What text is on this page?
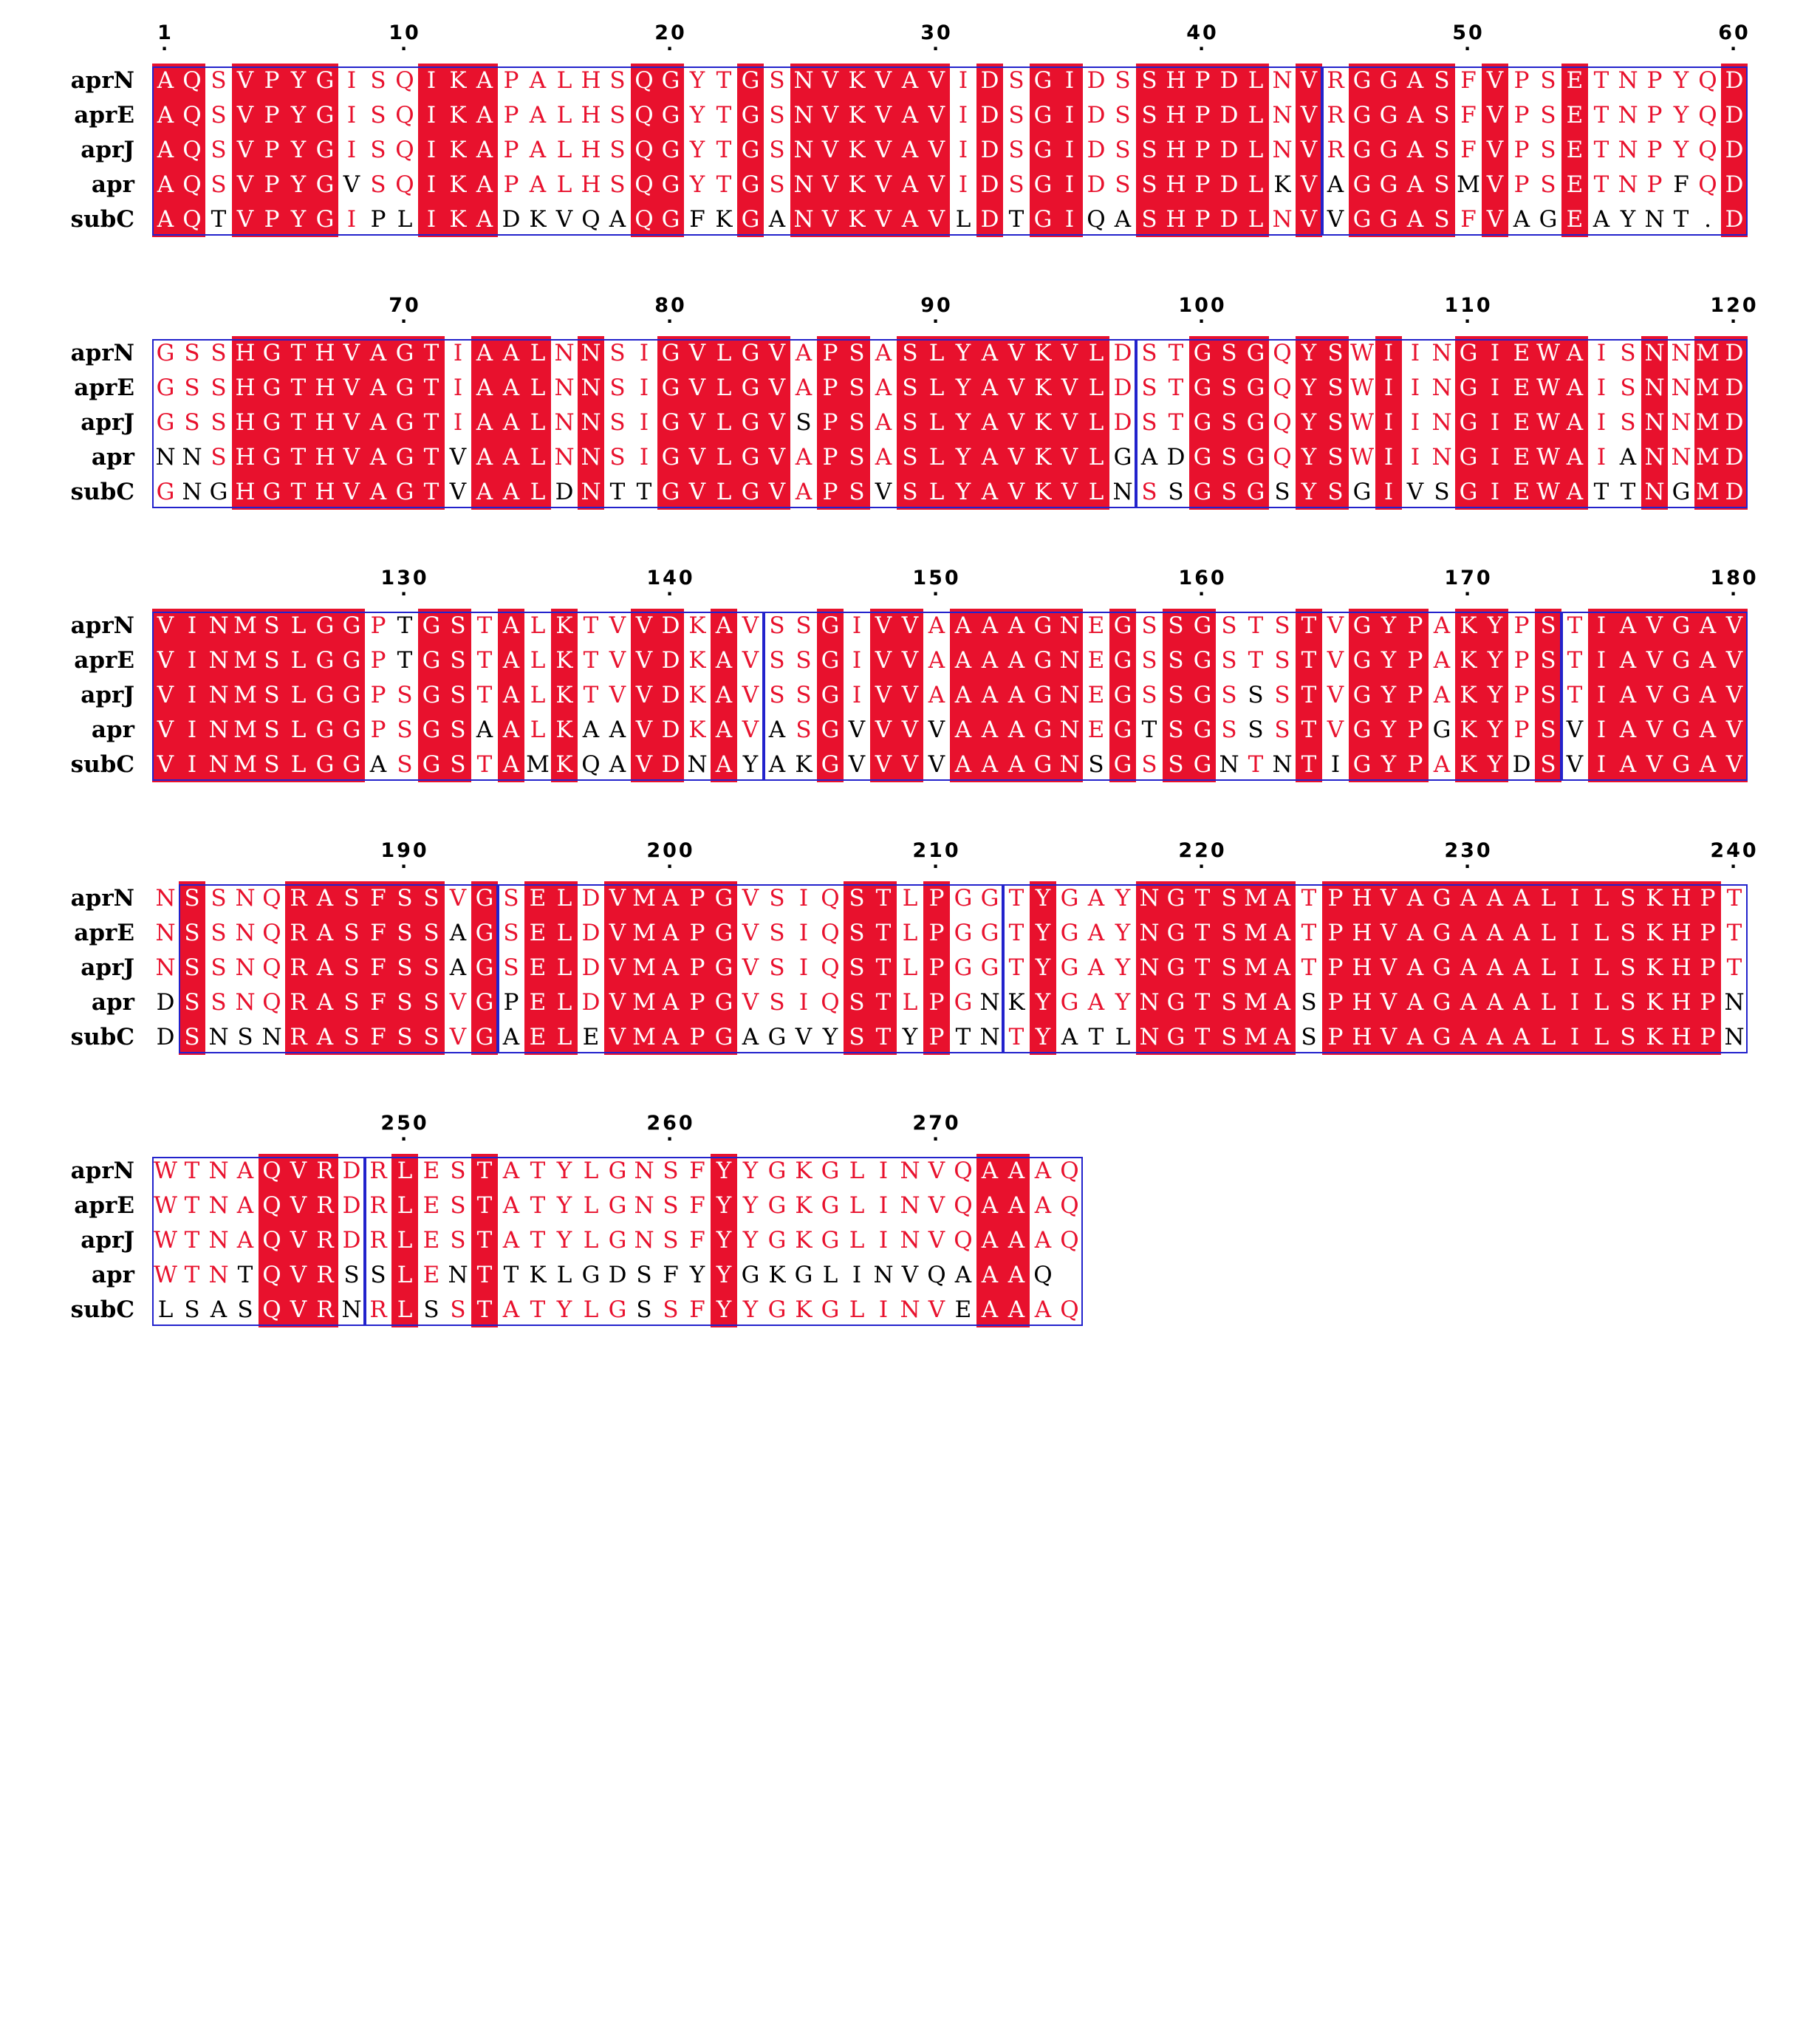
1
·
10
·
20
·
30
·
40
·
50
·
60
·
aprN A Q S V P Y G I S Q I K A P A L H S Q G Y T G S N V K V A V I D S G I D S S H P D L N V R G G A S F V P S E T N P Y Q D
aprE A Q S V P Y G I S Q I K A P A L H S Q G Y T G S N V K V A V I D S G I D S S H P D L N V R G G A S F V P S E T N P Y Q D
aprJ A Q S V P Y G I S Q I K A P A L H S Q G Y T G S N V K V A V I D S G I D S S H P D L N V R G G A S F V P S E T N P Y Q D
apr A Q S V P Y G V S Q I K A P A L H S Q G Y T G S N V K V A V I D S G I D S S H P D L K V A G G A S M V P S E T N P F Q D
subC A Q T V P Y G I P L I K A D K V Q A Q G F K G A N V K V A V L D T G I Q A S H P D L N V V G G A S F V A G E A Y N T . D
70
·
80
·
90
·
100
·
110
·
120
·
aprN G S S H G T H V A G T I A A L N N S I G V L G V A P S A S L Y A V K V L D S T G S G Q Y S W I I N G I E W A I S N N M D
aprE G S S H G T H V A G T I A A L N N S I G V L G V A P S A S L Y A V K V L D S T G S G Q Y S W I I N G I E W A I S N N M D
aprJ G S S H G T H V A G T I A A L N N S I G V L G V S P S A S L Y A V K V L D S T G S G Q Y S W I I N G I E W A I S N N M D
apr N N S H G T H V A G T V A A L N N S I G V L G V A P S A S L Y A V K V L G A D G S G Q Y S W I I N G I E W A I A N N M D
subC G N G H G T H V A G T V A A L D N T T G V L G V A P S V S L Y A V K V L N S S G S G S Y S G I V S G I E W A T T N G M D
130
·
140
·
150
·
160
·
170
·
180
·
aprN V I N M S L G G P T G S T A L K T V V D K A V S S G I V V A A A A G N E G S S G S T S T V G Y P A K Y P S T I A V G A V
aprE V I N M S L G G P T G S T A L K T V V D K A V S S G I V V A A A A G N E G S S G S T S T V G Y P A K Y P S T I A V G A V
aprJ V I N M S L G G P S G S T A L K T V V D K A V S S G I V V A A A A G N E G S S G S S S T V G Y P A K Y P S T I A V G A V
apr V I N M S L G G P S G S A A L K A A V D K A V A S G V V V V A A A G N E G T S G S S S T V G Y P G K Y P S V I A V G A V
subC V I N M S L G G A S G S T A M K Q A V D N A Y A K G V V V V A A A G N S G S S G N T N T I G Y P A K Y D S V I A V G A V
190
·
200
·
210
·
220
·
230
·
240
·
aprN N S S N Q R A S F S S V G S E L D V M A P G V S I Q S T L P G G T Y G A Y N G T S M A T P H V A G A A A L I L S K H P T
aprE N S S N Q R A S F S S A G S E L D V M A P G V S I Q S T L P G G T Y G A Y N G T S M A T P H V A G A A A L I L S K H P T
aprJ N S S N Q R A S F S S A G S E L D V M A P G V S I Q S T L P G G T Y G A Y N G T S M A T P H V A G A A A L I L S K H P T
apr D S S N Q R A S F S S V G P E L D V M A P G V S I Q S T L P G N K Y G A Y N G T S M A S P H V A G A A A L I L S K H P N
subC D S N S N R A S F S S V G A E L E V M A P G A G V Y S T Y P T N T Y A T L N G T S M A S P H V A G A A A L I L S K H P N
250
·
260
·
270
·
aprN W T N A Q V R D R L E S T A T Y L G N S F Y Y G K G L I N V Q A A A Q
aprE W T N A Q V R D R L E S T A T Y L G N S F Y Y G K G L I N V Q A A A Q
aprJ W T N A Q V R D R L E S T A T Y L G N S F Y Y G K G L I N V Q A A A Q
apr W T N T Q V R S S L E N T T K L G D S F Y Y G K G L I N V Q A A A Q
subC	L S A S Q V R N R L S S T A T Y L G S S F Y Y G K G L I N V E A A A Q
